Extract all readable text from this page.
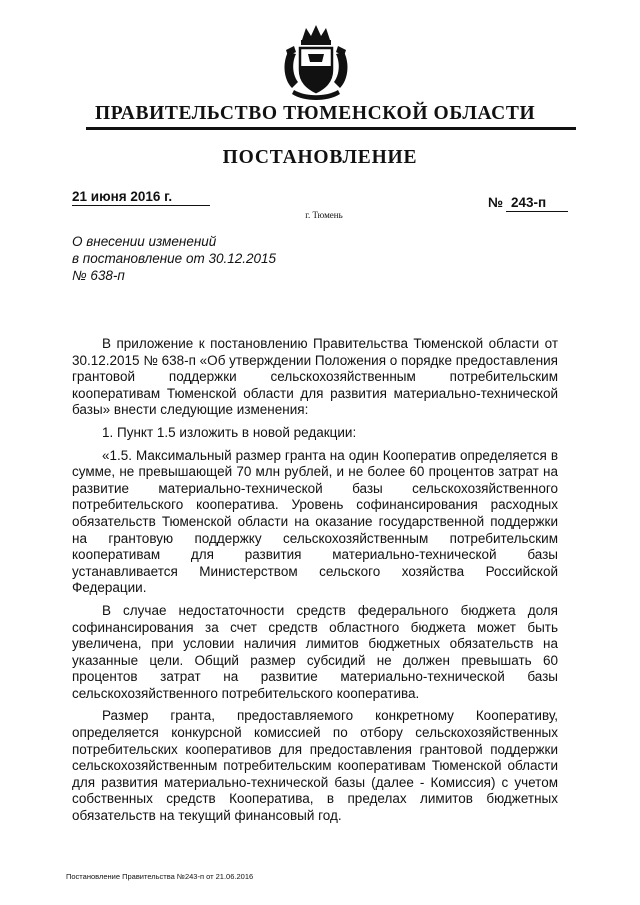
ПРАВИТЕЛЬСТВО ТЮМЕНСКОЙ ОБЛАСТИ
ПОСТАНОВЛЕНИЕ
21 июня 2016 г.	№ 243-п
г. Тюмень
О внесении изменений
в постановление от 30.12.2015
№ 638-п

В приложение к постановлению Правительства Тюменской области от 30.12.2015 № 638-п «Об утверждении Положения о порядке предоставления грантовой поддержки сельскохозяйственным потребительским кооперативам Тюменской области для развития материально-технической базы» внести следующие изменения:

1. Пункт 1.5 изложить в новой редакции:

«1.5. Максимальный размер гранта на один Кооператив определяется в сумме, не превышающей 70 млн рублей, и не более 60 процентов затрат на развитие материально-технической базы сельскохозяйственного потребительского кооператива. Уровень софинансирования расходных обязательств Тюменской области на оказание государственной поддержки на грантовую поддержку сельскохозяйственным потребительским кооперативам для развития материально-технической базы устанавливается Министерством сельского хозяйства Российской Федерации.

В случае недостаточности средств федерального бюджета доля софинансирования за счет средств областного бюджета может быть увеличена, при условии наличия лимитов бюджетных обязательств на указанные цели. Общий размер субсидий не должен превышать 60 процентов затрат на развитие материально-технической базы сельскохозяйственного потребительского кооператива.

Размер гранта, предоставляемого конкретному Кооперативу, определяется конкурсной комиссией по отбору сельскохозяйственных потребительских кооперативов для предоставления грантовой поддержки сельскохозяйственным потребительским кооперативам Тюменской области для развития материально-технической базы (далее - Комиссия) с учетом собственных средств Кооператива, в пределах лимитов бюджетных обязательств на текущий финансовый год.

Постановление Правительства №243-п от 21.06.2016
